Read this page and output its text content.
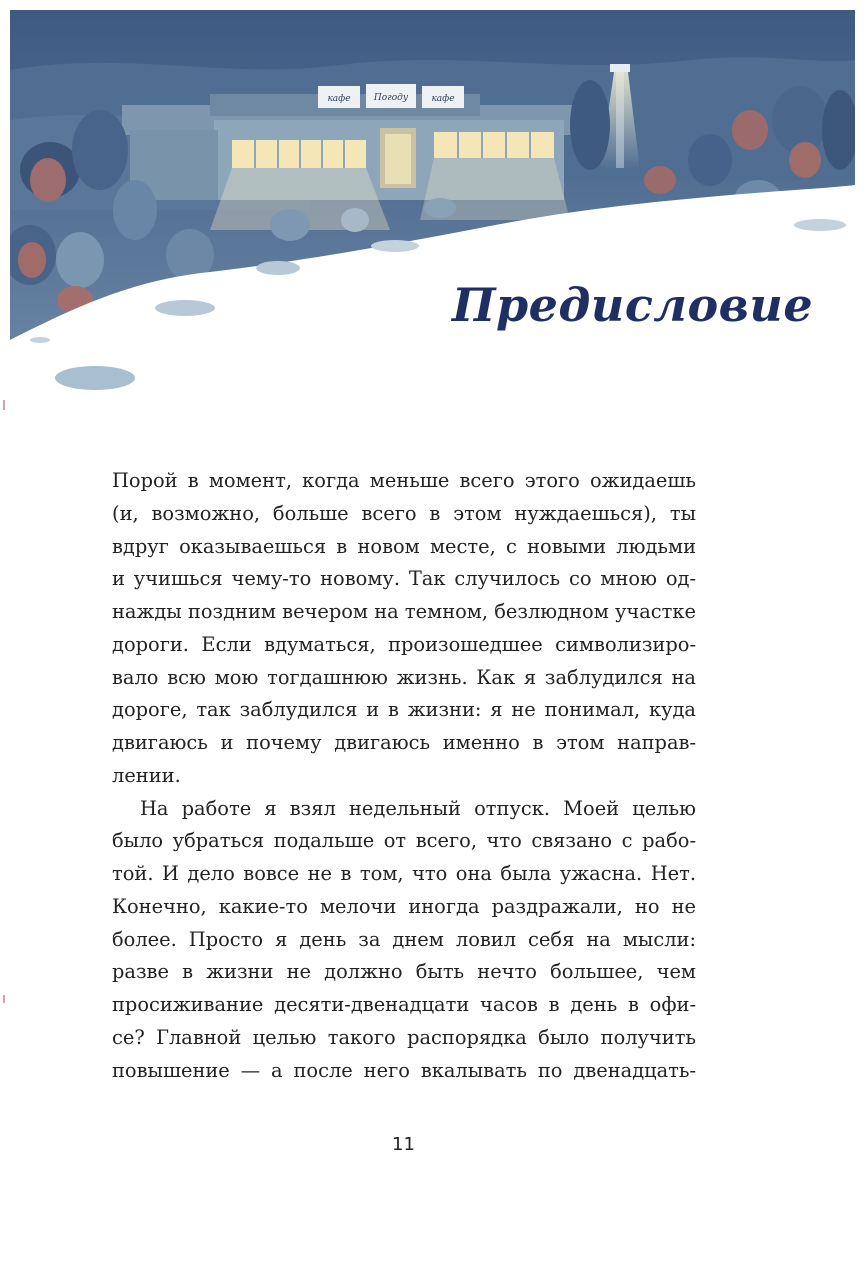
кафе	Погоду	кафе
Предисловие
Порой в момент, когда меньше всего этого ожидаешь
(и, возможно, больше всего в этом нуждаешься), ты
вдруг оказываешься в новом месте, с новыми людьми
и учишься чему-то новому. Так случилось со мною од-
нажды поздним вечером на темном, безлюдном участке
дороги. Если вдуматься, произошедшее символизиро-
вало всю мою тогдашнюю жизнь. Как я заблудился на
дороге, так заблудился и в жизни: я не понимал, куда
двигаюсь и почему двигаюсь именно в этом направ-
лении.
На работе я взял недельный отпуск. Моей целью
было убраться подальше от всего, что связано с рабо-
той. И дело вовсе не в том, что она была ужасна. Нет.
Конечно, какие-то мелочи иногда раздражали, но не
более. Просто я день за днем ловил себя на мысли:
разве в жизни не должно быть нечто большее, чем
просиживание десяти-двенадцати часов в день в офи-
се? Главной целью такого распорядка было получить
повышение — а после него вкалывать по двенадцать-
11
